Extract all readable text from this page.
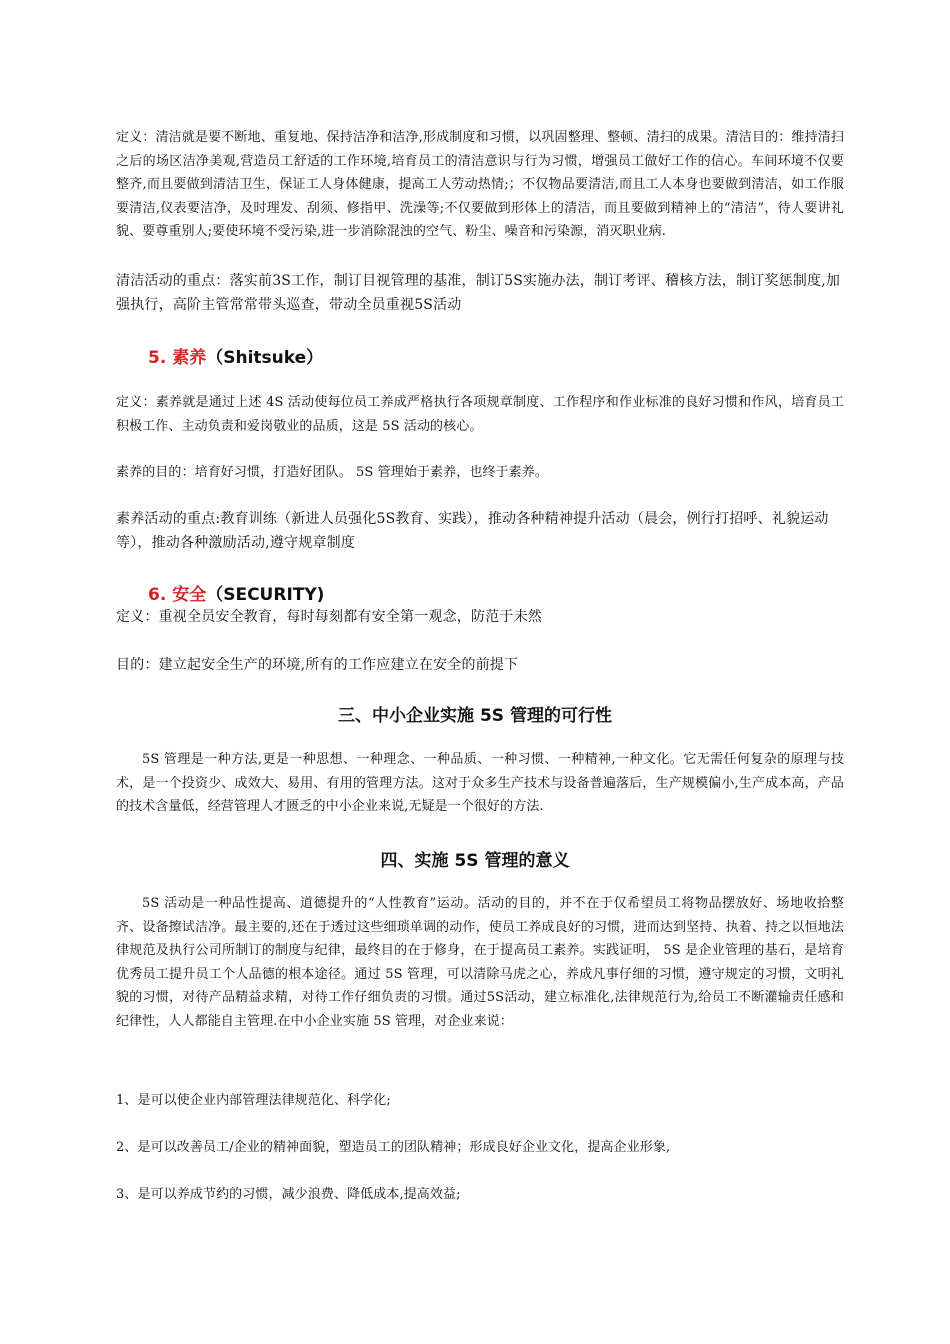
定义：清洁就是要不断地、重复地、保持洁净和洁净,形成制度和习惯，以巩固整理、整顿、清扫的成果。清洁目的：维持清扫之后的场区洁净美观,营造员工舒适的工作环境,培育员工的清洁意识与行为习惯，增强员工做好工作的信心。车间环境不仅要整齐,而且要做到清洁卫生，保证工人身体健康，提高工人劳动热情;；不仅物品要清洁,而且工人本身也要做到清洁，如工作服要清洁,仪表要洁净，及时理发、刮须、修指甲、洗澡等;不仅要做到形体上的清洁，而且要做到精神上的“清洁”，待人要讲礼貌、要尊重别人;要使环境不受污染,进一步消除混浊的空气、粉尘、噪音和污染源，消灭职业病.

清洁活动的重点：落实前3S工作，制订目视管理的基准，制订5S实施办法，制订考评、稽核方法，制订奖惩制度,加强执行，高阶主管常常带头巡查，带动全员重视5S活动

5. 素养（Shitsuke）

定义：素养就是通过上述 4S 活动使每位员工养成严格执行各项规章制度、工作程序和作业标准的良好习惯和作风，培育员工积极工作、主动负责和爱岗敬业的品质，这是 5S 活动的核心。

素养的目的：培育好习惯，打造好团队。 5S 管理始于素养，也终于素养。

素养活动的重点:教育训练（新进人员强化5S教育、实践），推动各种精神提升活动（晨会，例行打招呼、礼貌运动等），推动各种激励活动,遵守规章制度

6. 安全（SECURITY)

定义：重视全员安全教育，每时每刻都有安全第一观念，防范于未然

目的：建立起安全生产的环境,所有的工作应建立在安全的前提下

三、中小企业实施 5S 管理的可行性

5S 管理是一种方法,更是一种思想、一种理念、一种品质、一种习惯、一种精神,一种文化。它无需任何复杂的原理与技术，是一个投资少、成效大、易用、有用的管理方法。这对于众多生产技术与设备普遍落后，生产规模偏小,生产成本高，产品的技术含量低，经营管理人才匮乏的中小企业来说,无疑是一个很好的方法.

四、实施 5S 管理的意义

5S 活动是一种品性提高、道德提升的“人性教育”运动。活动的目的，并不在于仅希望员工将物品摆放好、场地收拾整齐、设备擦试洁净。最主要的,还在于透过这些细琐单调的动作，使员工养成良好的习惯，进而达到坚持、执着、持之以恒地法律规范及执行公司所制订的制度与纪律，最终目的在于修身，在于提高员工素养。实践证明， 5S 是企业管理的基石，是培育优秀员工提升员工个人品德的根本途径。通过 5S 管理，可以清除马虎之心，养成凡事仔细的习惯，遵守规定的习惯，文明礼貌的习惯，对待产品精益求精，对待工作仔细负责的习惯。通过5S活动，建立标准化,法律规范行为,给员工不断灌输责任感和纪律性，人人都能自主管理.在中小企业实施 5S 管理，对企业来说：

1、是可以使企业内部管理法律规范化、科学化;

2、是可以改善员工/企业的精神面貌，塑造员工的团队精神；形成良好企业文化，提高企业形象,

3、是可以养成节约的习惯，减少浪费、降低成本,提高效益;
